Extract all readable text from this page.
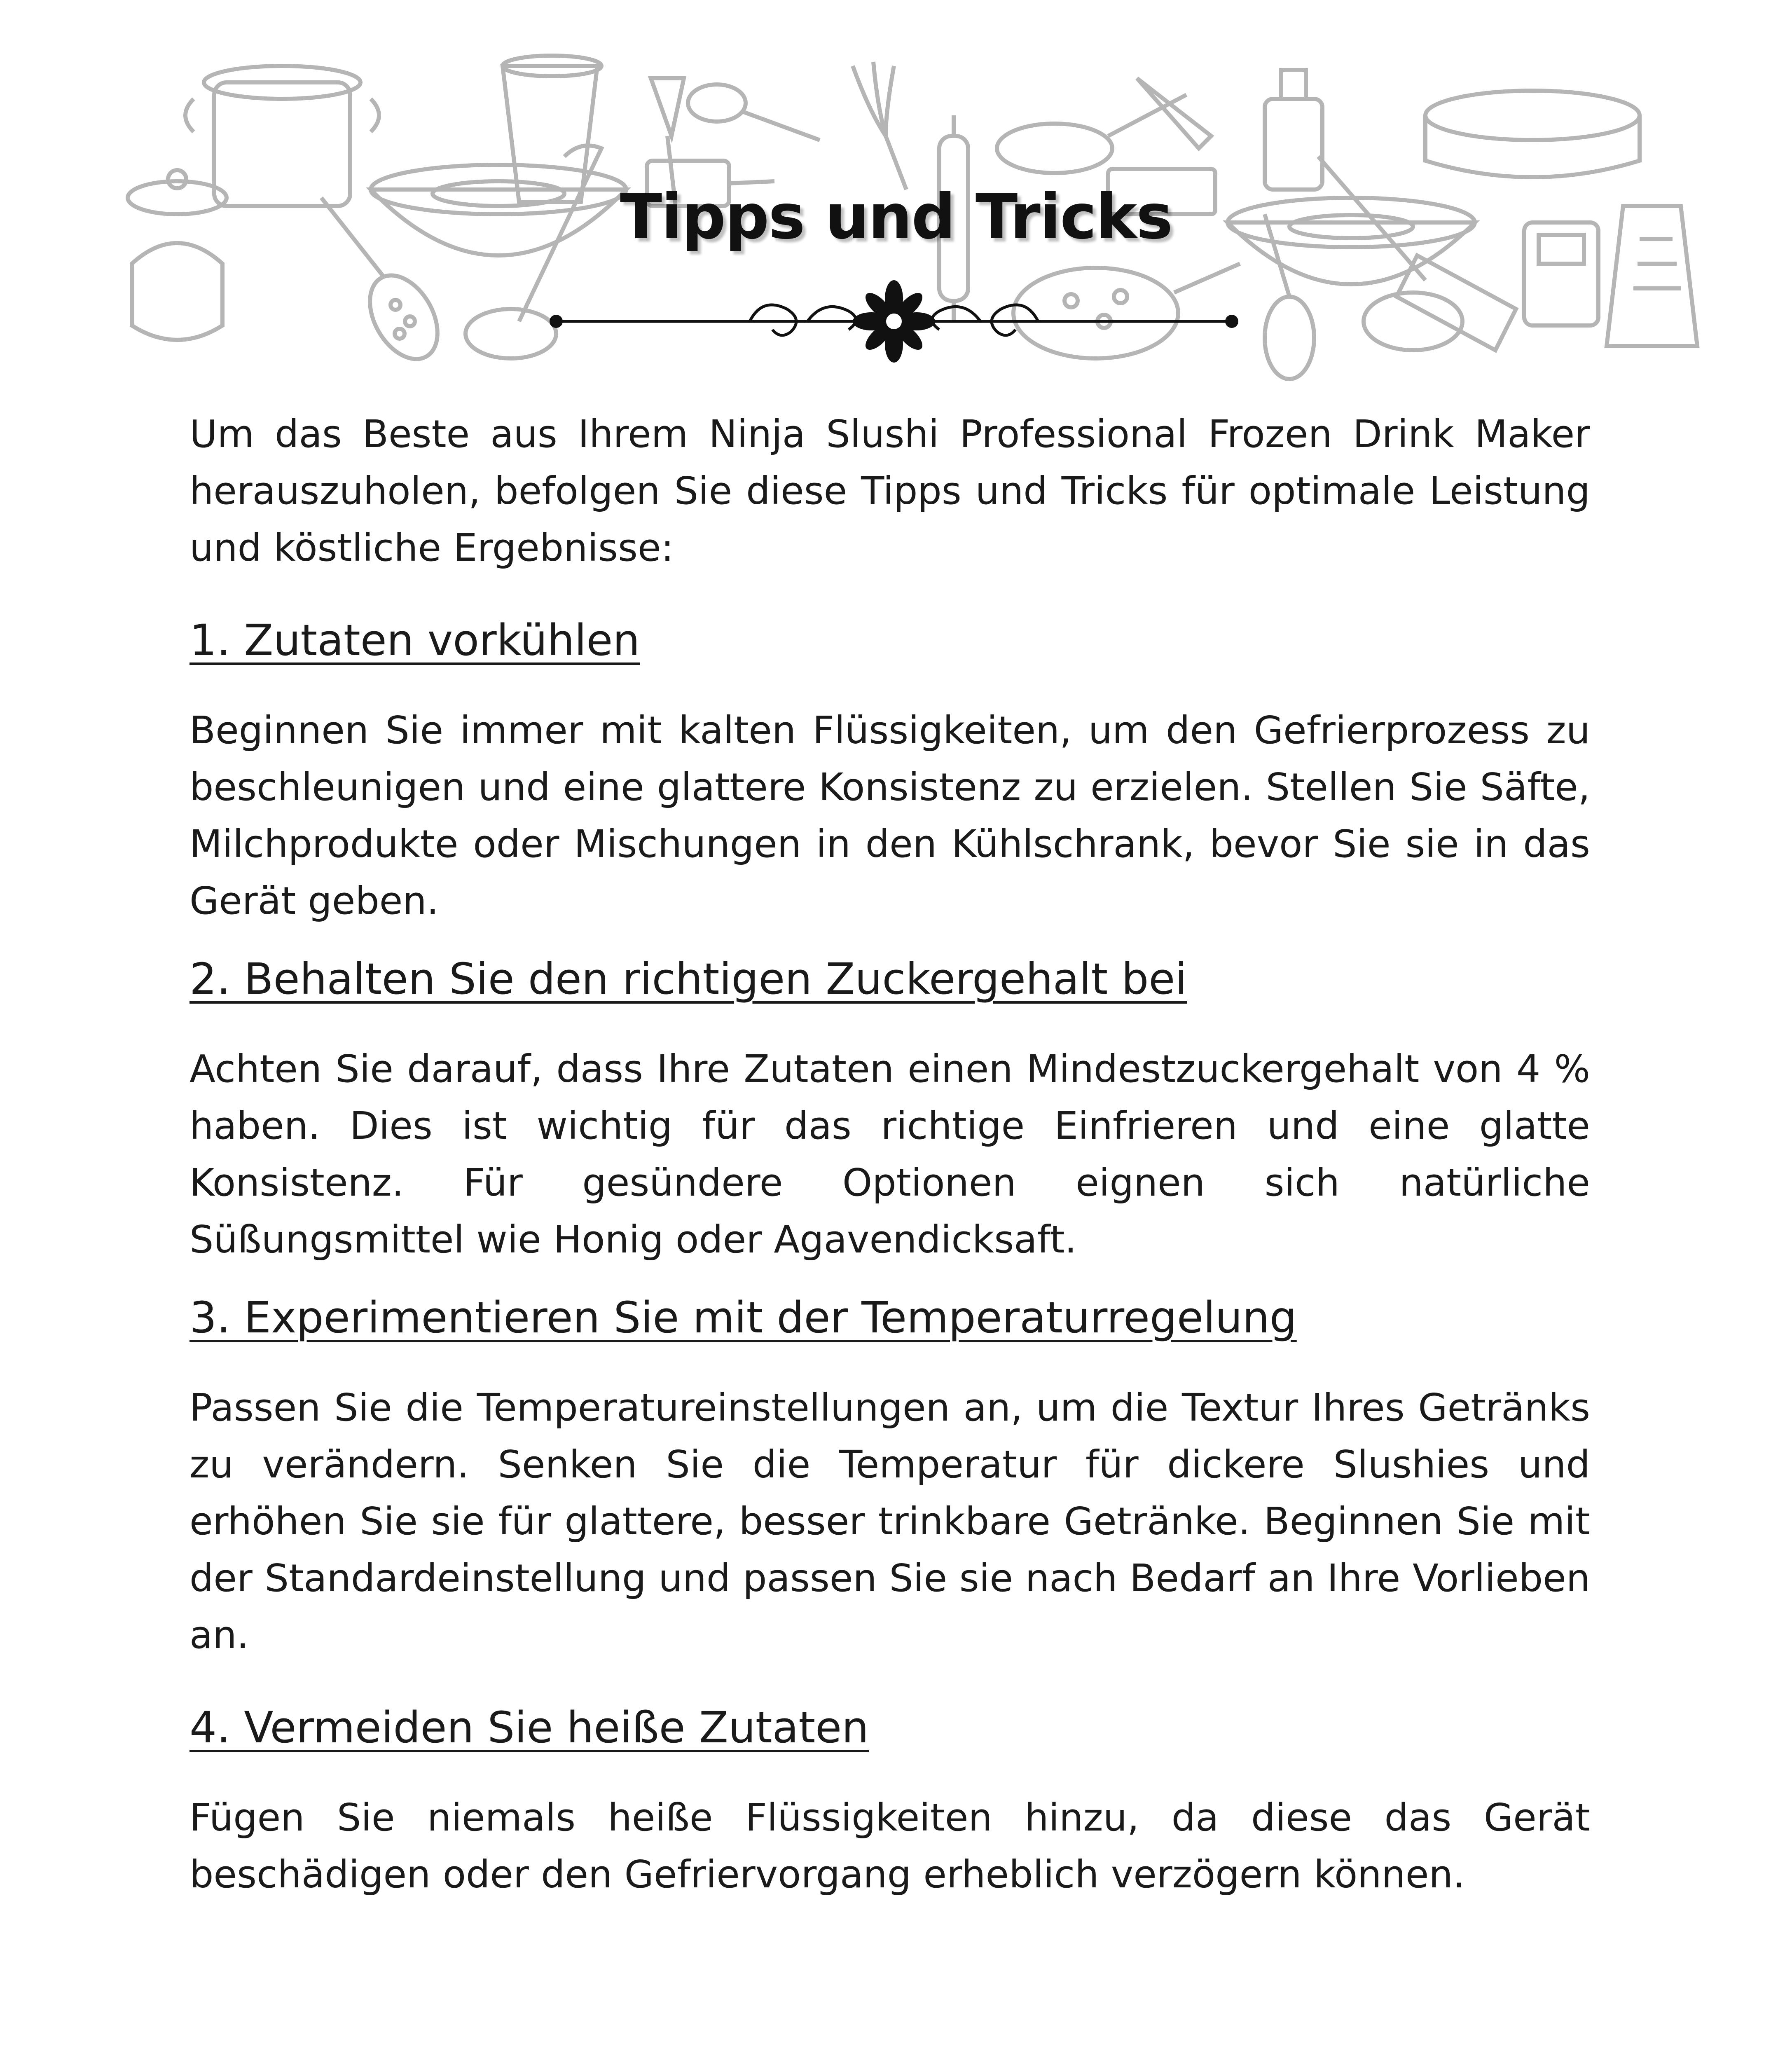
Tipps und Tricks

Um das Beste aus Ihrem Ninja Slushi Professional Frozen Drink Maker herauszuholen, befolgen Sie diese Tipps und Tricks für optimale Leistung und köstliche Ergebnisse:

1. Zutaten vorkühlen

Beginnen Sie immer mit kalten Flüssigkeiten, um den Gefrierprozess zu beschleunigen und eine glattere Konsistenz zu erzielen. Stellen Sie Säfte, Milchprodukte oder Mischungen in den Kühlschrank, bevor Sie sie in das Gerät geben.

2. Behalten Sie den richtigen Zuckergehalt bei

Achten Sie darauf, dass Ihre Zutaten einen Mindestzuckergehalt von 4 % haben. Dies ist wichtig für das richtige Einfrieren und eine glatte Konsistenz. Für gesündere Optionen eignen sich natürliche Süßungsmittel wie Honig oder Agavendicksaft.

3. Experimentieren Sie mit der Temperaturregelung

Passen Sie die Temperatureinstellungen an, um die Textur Ihres Getränks zu verändern. Senken Sie die Temperatur für dickere Slushies und erhöhen Sie sie für glattere, besser trinkbare Getränke. Beginnen Sie mit der Standardeinstellung und passen Sie sie nach Bedarf an Ihre Vorlieben an.

4. Vermeiden Sie heiße Zutaten

Fügen Sie niemals heiße Flüssigkeiten hinzu, da diese das Gerät beschädigen oder den Gefriervorgang erheblich verzögern können.
